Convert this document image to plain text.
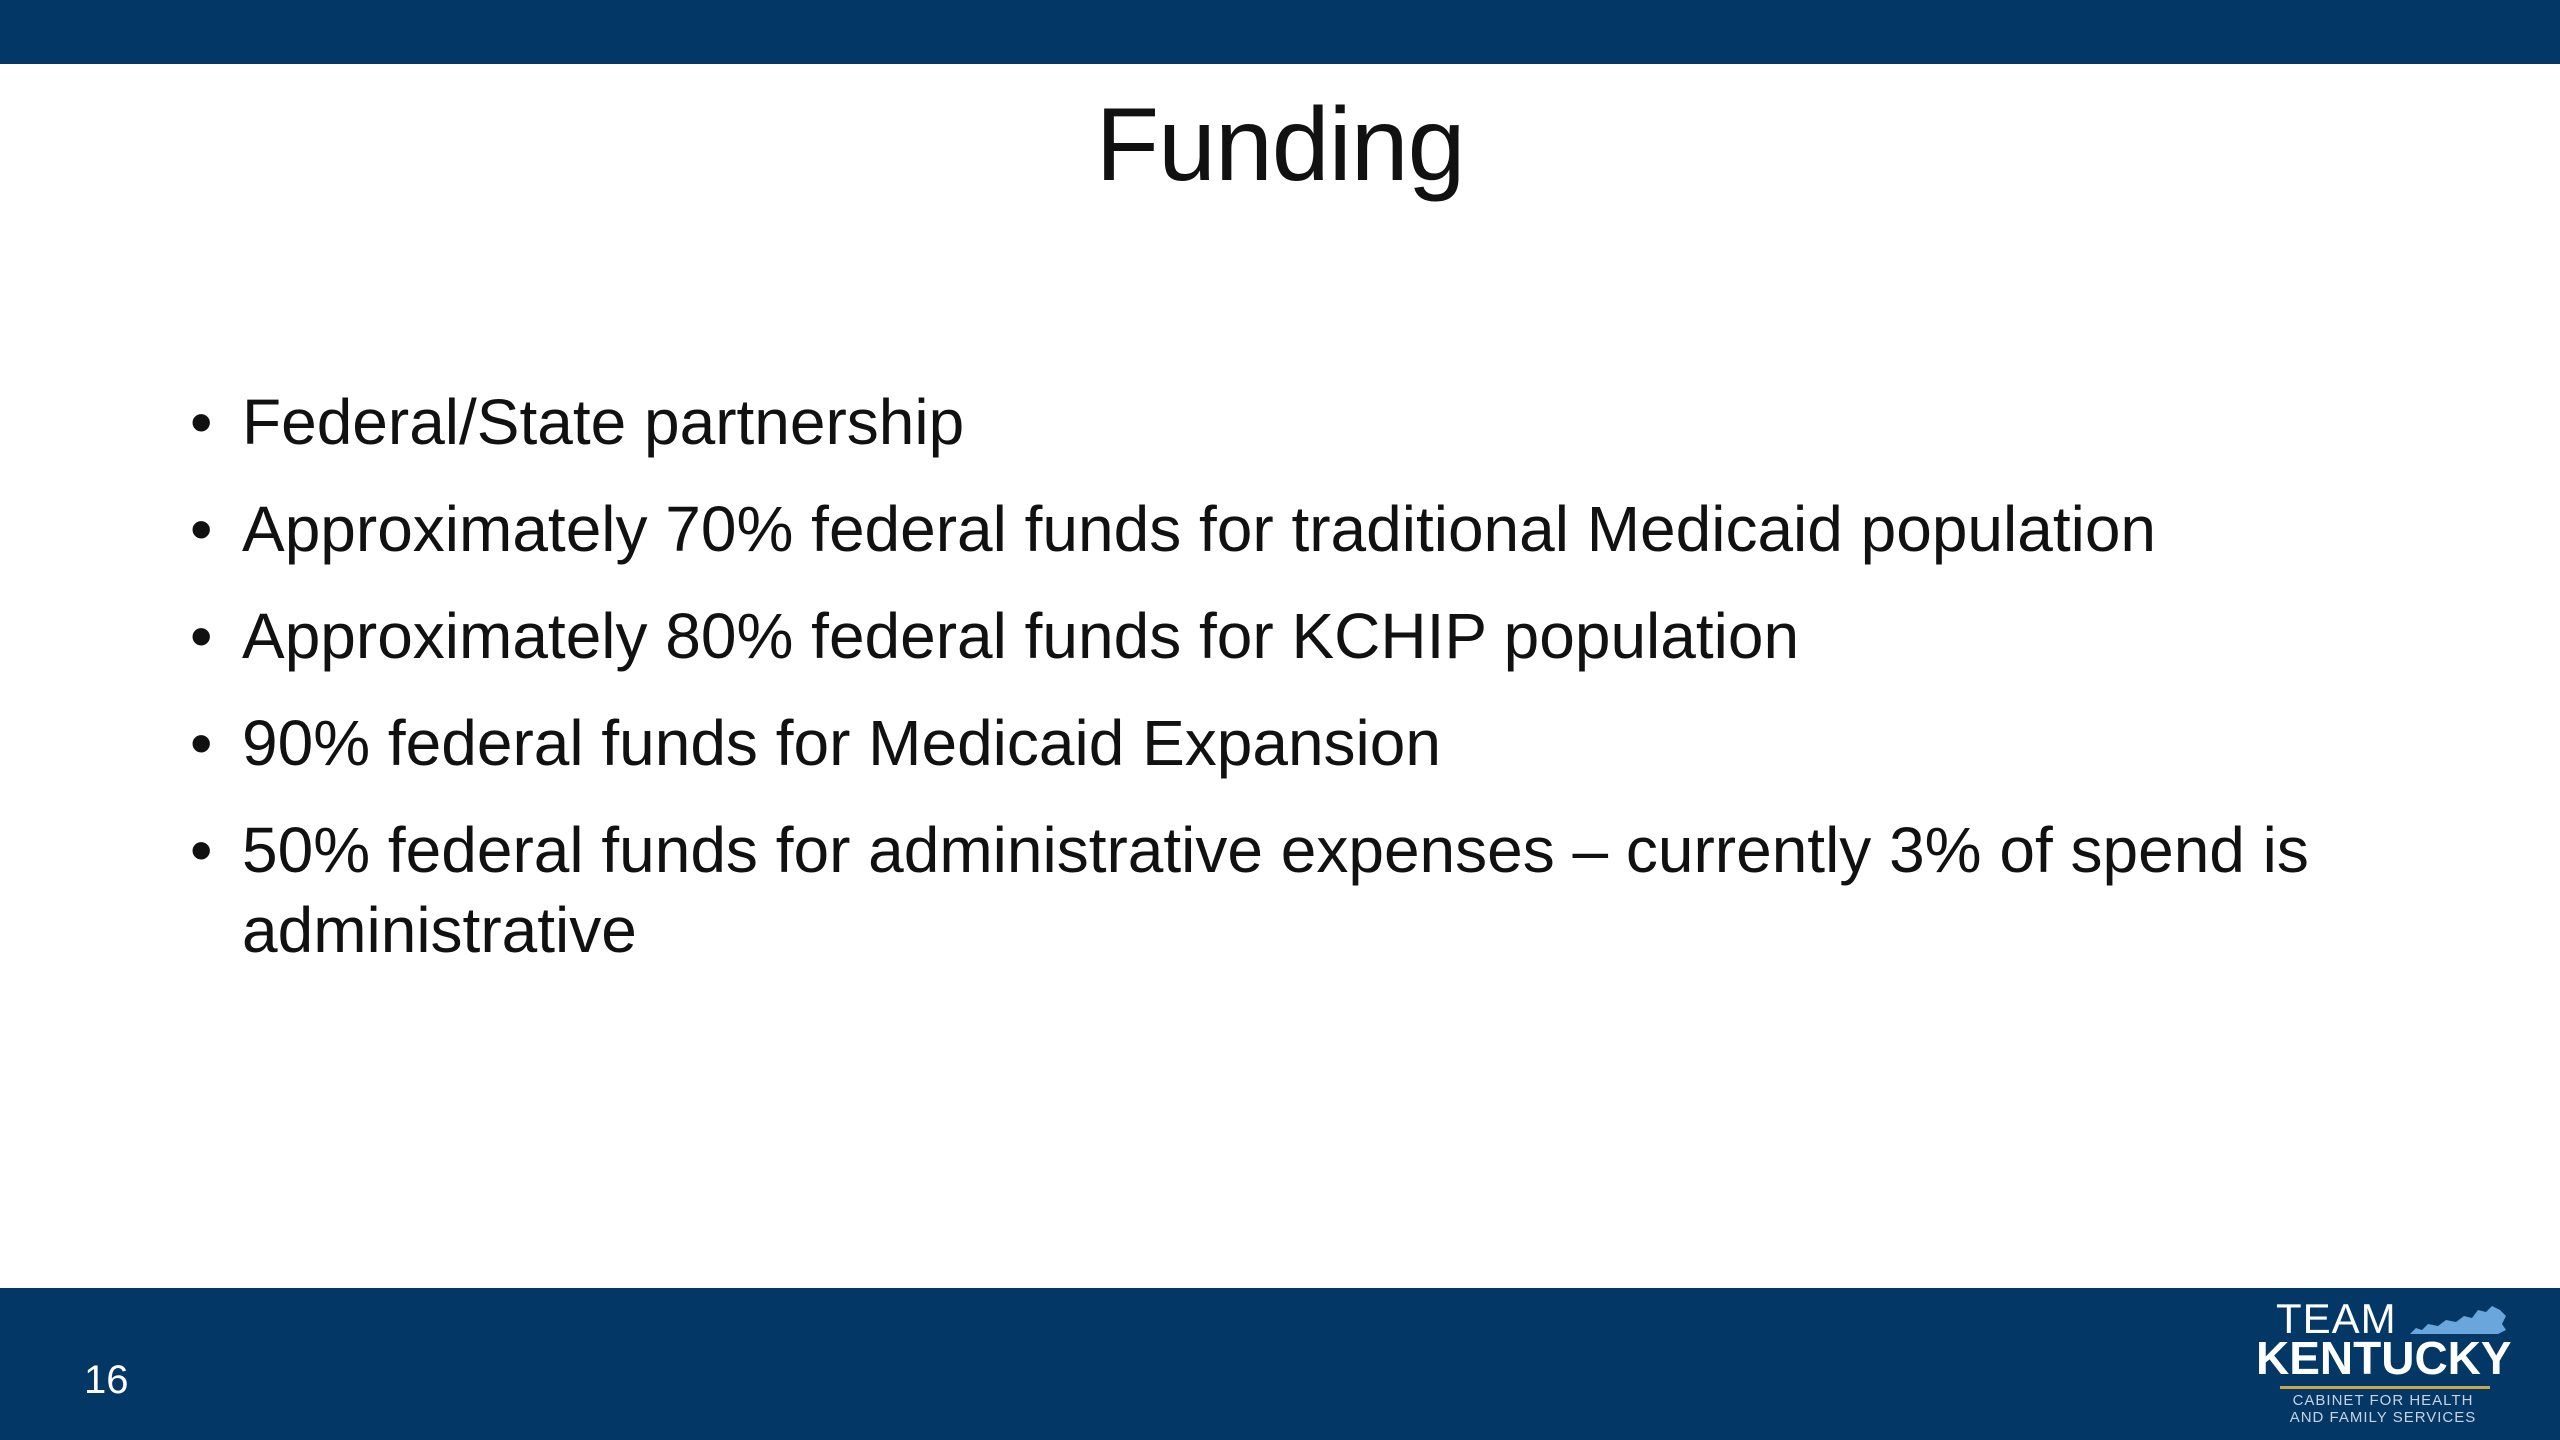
Funding
• Federal/State partnership
• Approximately 70% federal funds for traditional Medicaid population
• Approximately 80% federal funds for KCHIP population
• 90% federal funds for Medicaid Expansion
• 50% federal funds for administrative expenses – currently 3% of spend is administrative
16
TEAM
KENTUCKY
CABINET FOR HEALTH
AND FAMILY SERVICES
